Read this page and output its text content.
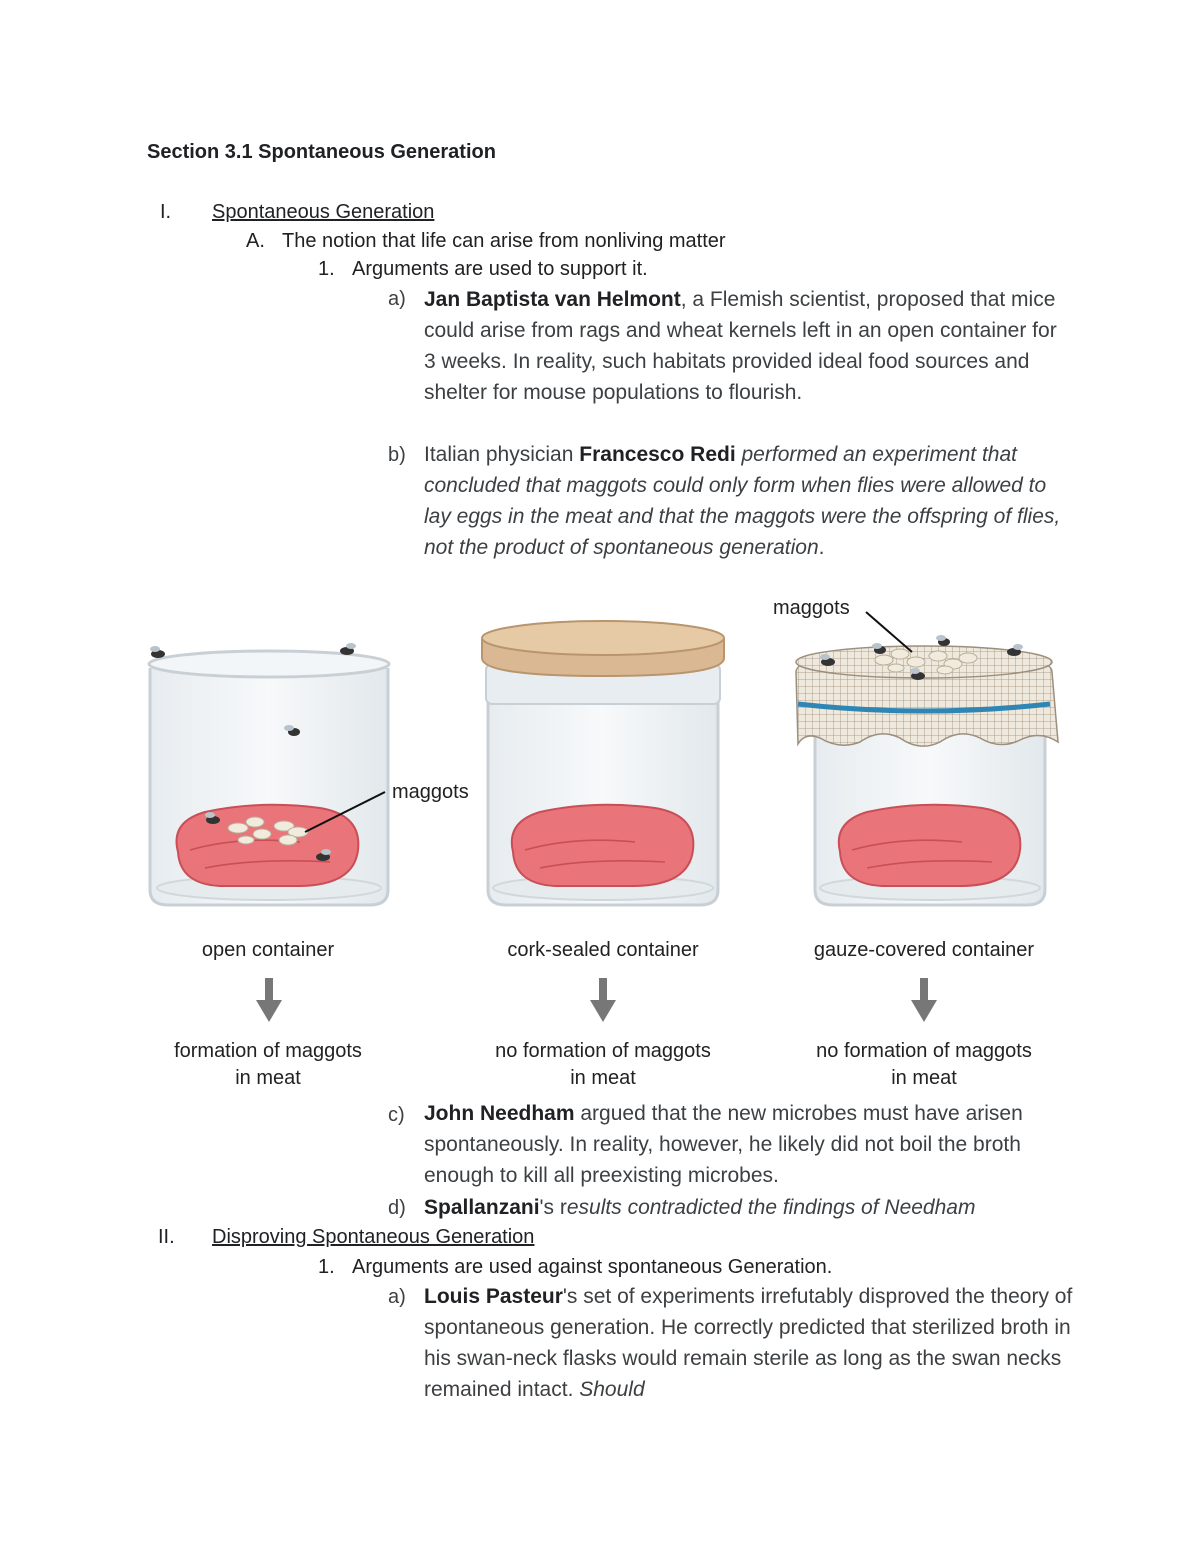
Section 3.1 Spontaneous Generation
I. Spontaneous Generation
A. The notion that life can arise from nonliving matter
1. Arguments are used to support it.
a) Jan Baptista van Helmont, a Flemish scientist, proposed that mice could arise from rags and wheat kernels left in an open container for 3 weeks. In reality, such habitats provided ideal food sources and shelter for mouse populations to flourish.
b) Italian physician Francesco Redi performed an experiment that concluded that maggots could only form when flies were allowed to lay eggs in the meat and that the maggots were the offspring of flies, not the product of spontaneous generation.
maggots
maggots
open container	cork-sealed container	gauze-covered container
formation of maggots
in meat
no formation of maggots
in meat
no formation of maggots
in meat
c) John Needham argued that the new microbes must have arisen spontaneously. In reality, however, he likely did not boil the broth enough to kill all preexisting microbes.
d) Spallanzani's results contradicted the findings of Needham
II. Disproving Spontaneous Generation
1. Arguments are used against spontaneous Generation.
a) Louis Pasteur's set of experiments irrefutably disproved the theory of spontaneous generation. He correctly predicted that sterilized broth in his swan-neck flasks would remain sterile as long as the swan necks remained intact. Should
